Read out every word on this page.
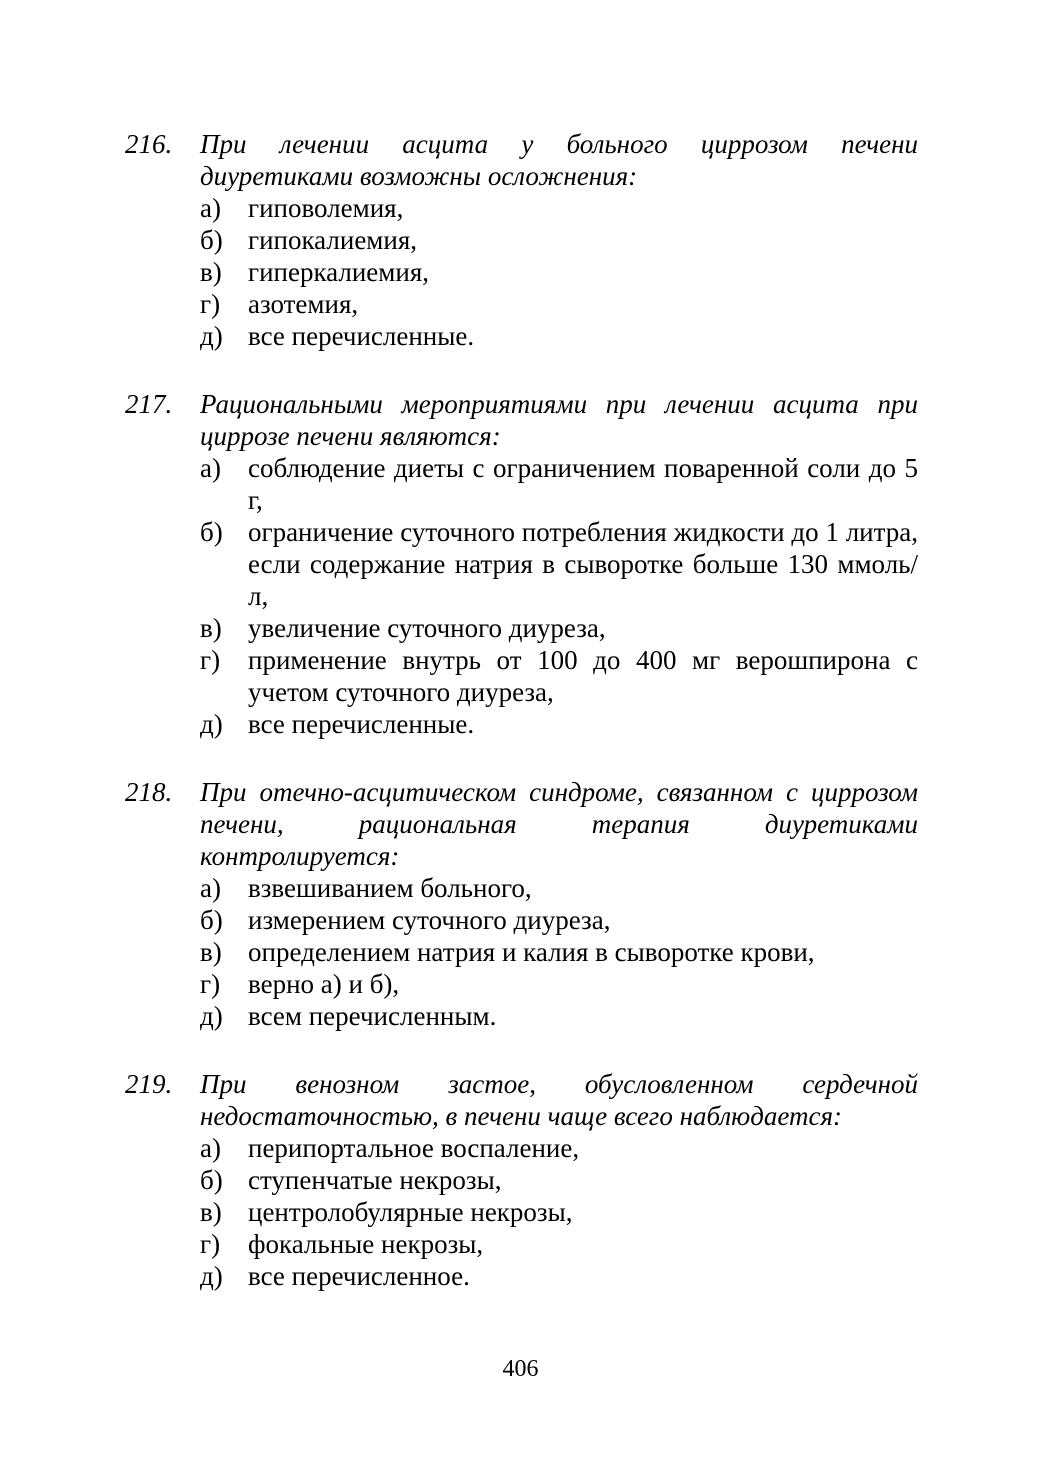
216.	При лечении асцита у больного циррозом печени диуретиками возможны осложнения:
а)	гиповолемия,
б) гипокалиемия,
в) гиперкалиемия,
г)	азотемия,
д) все перечисленные.
217.	Рациональными мероприятиями при лечении асцита при циррозе печени являются:
а)	соблюдение диеты с ограничением поваренной соли до 5 г,
б) ограничение суточного потребления жидкости до 1 литра, если содержание натрия в сыворотке больше 130 ммоль/л,
в) увеличение суточного диуреза,
г)	применение внутрь от 100 до 400 мг верошпирона с учетом суточного диуреза,
д) все перечисленные.
218.	При отечно-асцитическом синдроме, связанном с циррозом печени, рациональная терапия диуретиками контролируется:
а)	взвешиванием больного,
б) измерением суточного диуреза,
в) определением натрия и калия в сыворотке крови,
г)	верно а) и б),
д) всем перечисленным.
219.	При венозном застое, обусловленном сердечной недостаточностью, в печени чаще всего наблюдается:
а)	перипортальное воспаление,
б) ступенчатые некрозы,
в) центролобулярные некрозы,
г)	фокальные некрозы,
д) все перечисленное.
406
